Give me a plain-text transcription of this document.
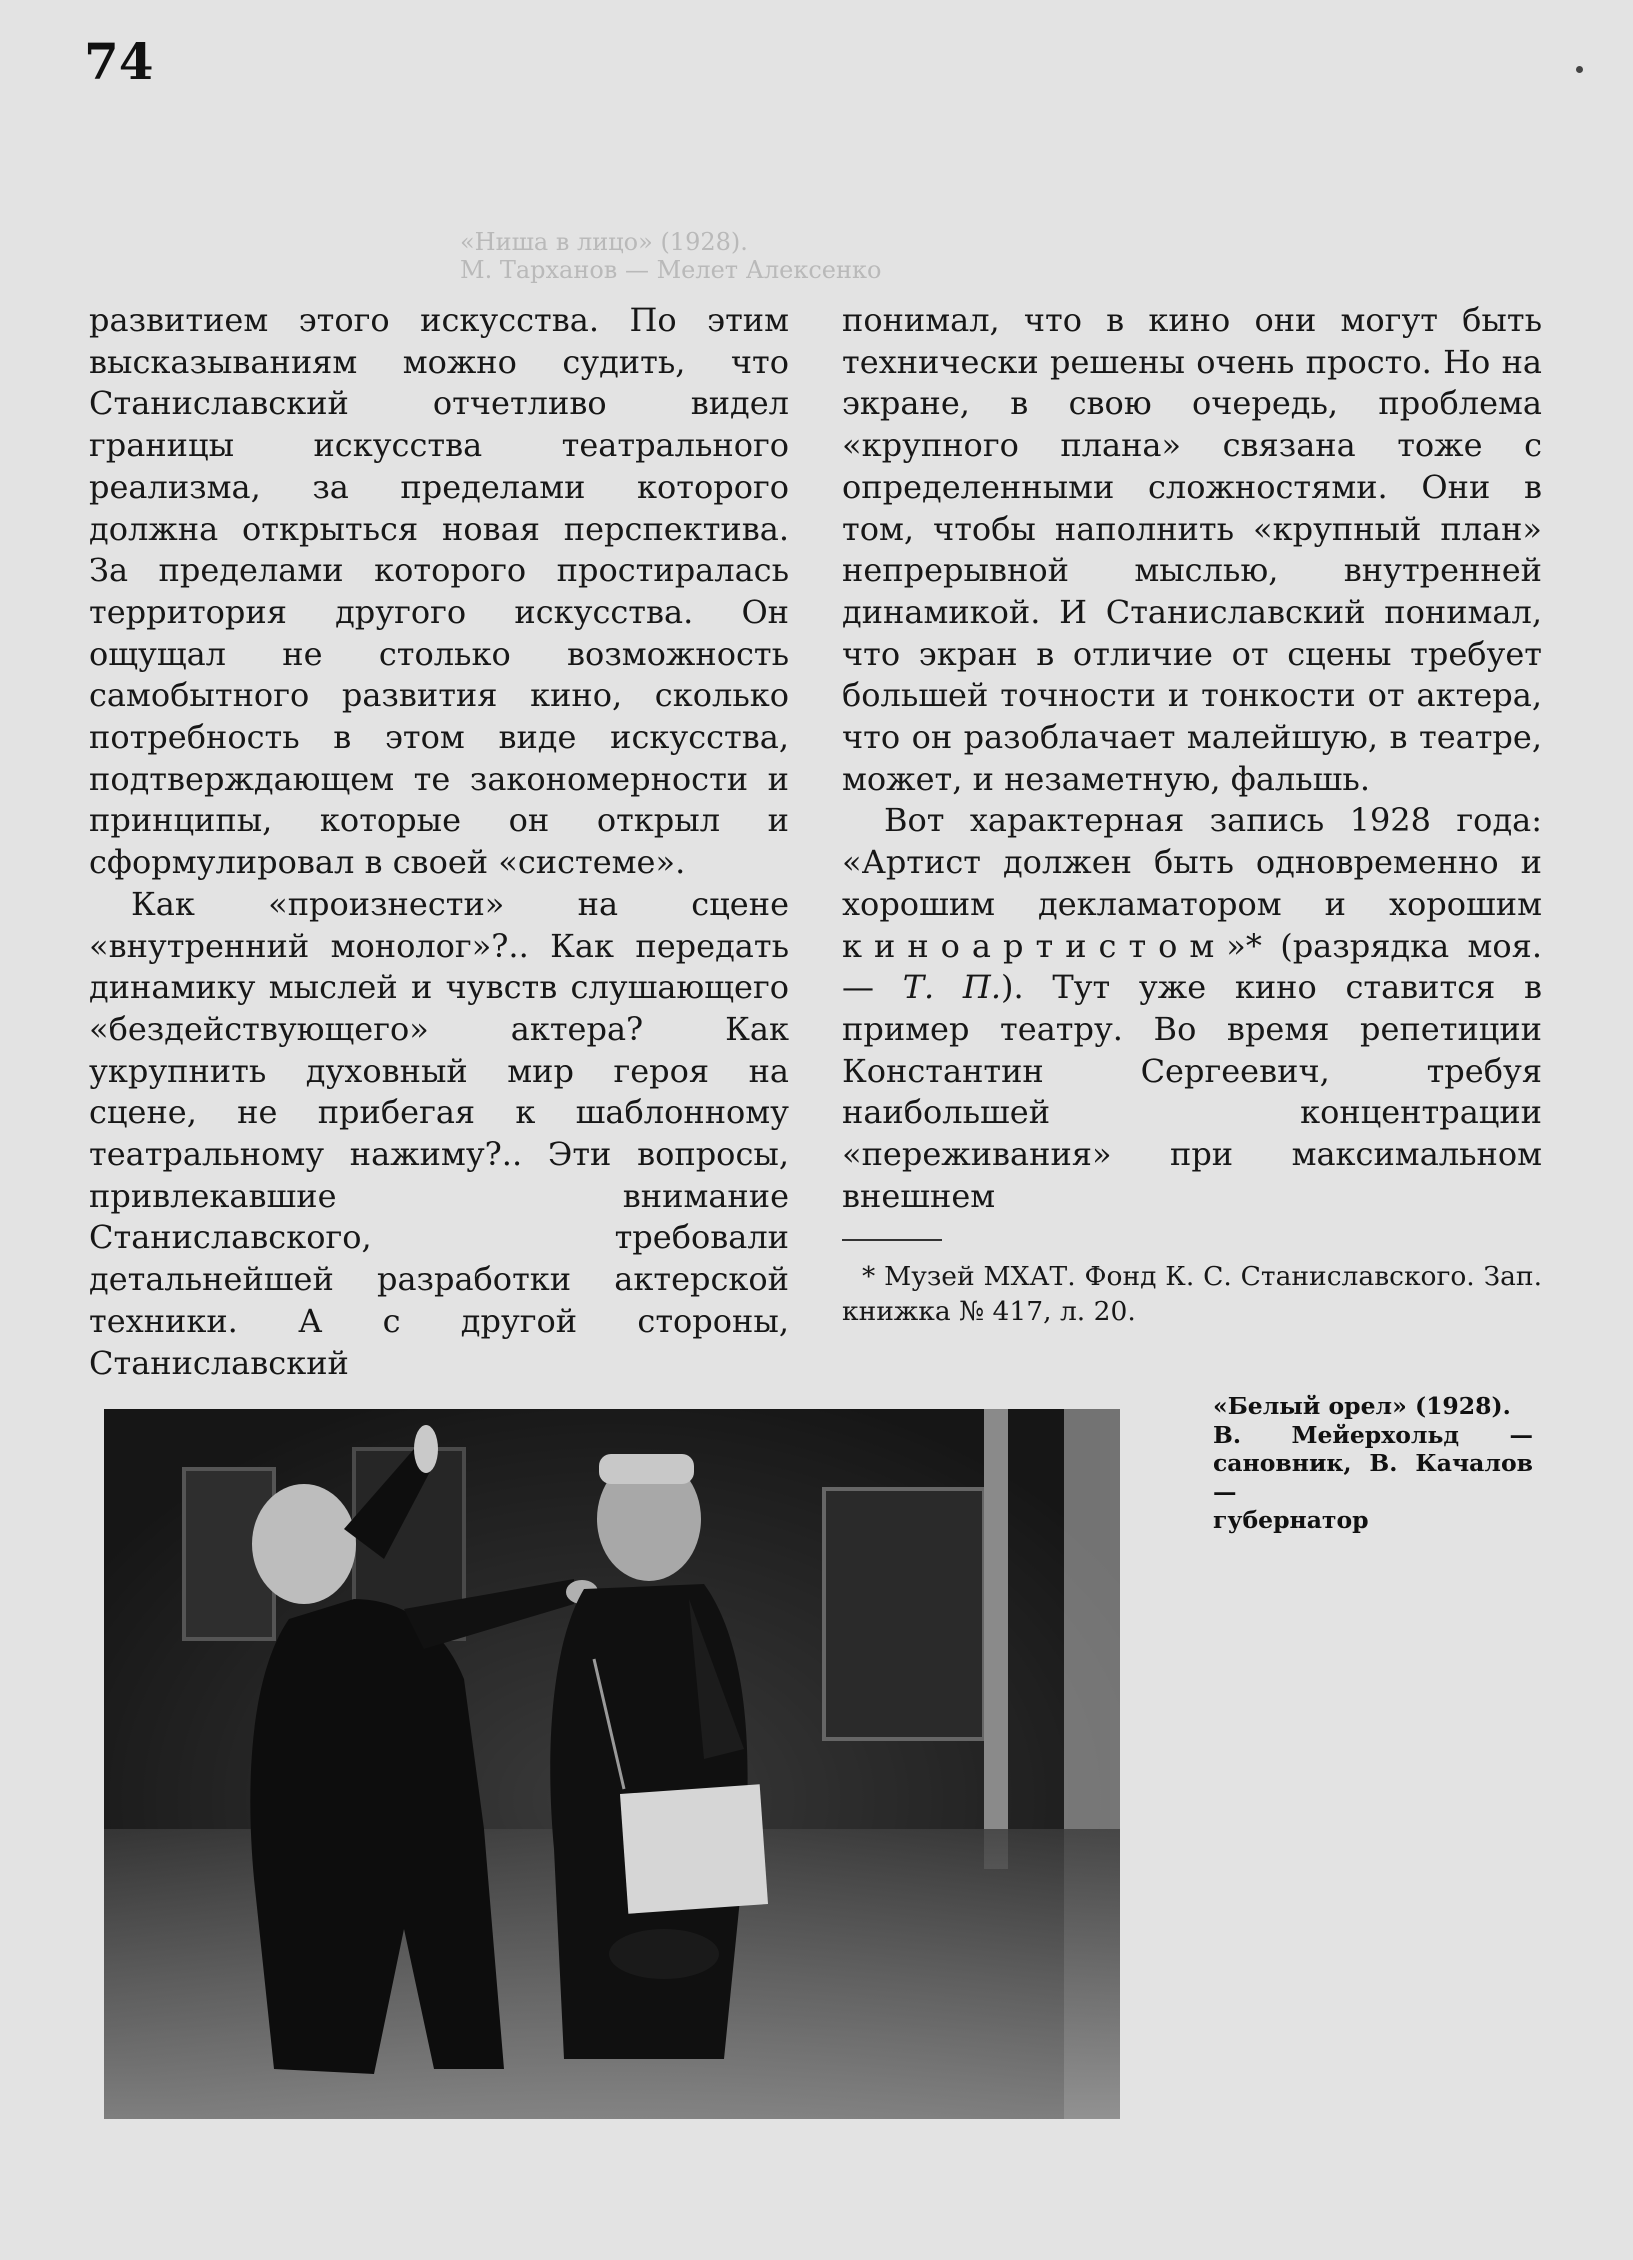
74
«Ниша в лицо» (1928).
М. Тарханов — Мелет Алексенко

развитием этого искусства. По этим высказываниям можно судить, что Станиславский отчетливо видел границы искусства театрального реализма, за пределами которого должна открыться новая перспектива. За пределами которого простиралась территория другого искусства. Он ощущал не столько возможность самобытного развития кино, сколько потребность в этом виде искусства, подтверждающем те закономерности и принципы, которые он открыл и сформулировал в своей «системе».

Как «произнести» на сцене «внутренний монолог»?.. Как передать динамику мыслей и чувств слушающего «бездействующего» актера? Как укрупнить духовный мир героя на сцене, не прибегая к шаблонному театральному нажиму?.. Эти вопросы, привлекавшие внимание Станиславского, требовали детальнейшей разработки актерской техники. А с другой стороны, Станиславский

понимал, что в кино они могут быть технически решены очень просто. Но на экране, в свою очередь, проблема «крупного плана» связана тоже с определенными сложностями. Они в том, чтобы наполнить «крупный план» непрерывной мыслью, внутренней динамикой. И Станиславский понимал, что экран в отличие от сцены требует большей точности и тонкости от актера, что он разоблачает малейшую, в театре, может, и незаметную, фальшь.

Вот характерная запись 1928 года: «Артист должен быть одновременно и хорошим декламатором и хорошим киноартистом»* (разрядка моя.— Т. П.). Тут уже кино ставится в пример театру. Во время репетиции Константин Сергеевич, требуя наибольшей концентрации «переживания» при максимальном внешнем

* Музей МХАТ. Фонд К. С. Станиславского. Зап. книжка № 417, л. 20.

«Белый орел» (1928).
В. Мейерхольд — сановник, В. Качалов —
губернатор
